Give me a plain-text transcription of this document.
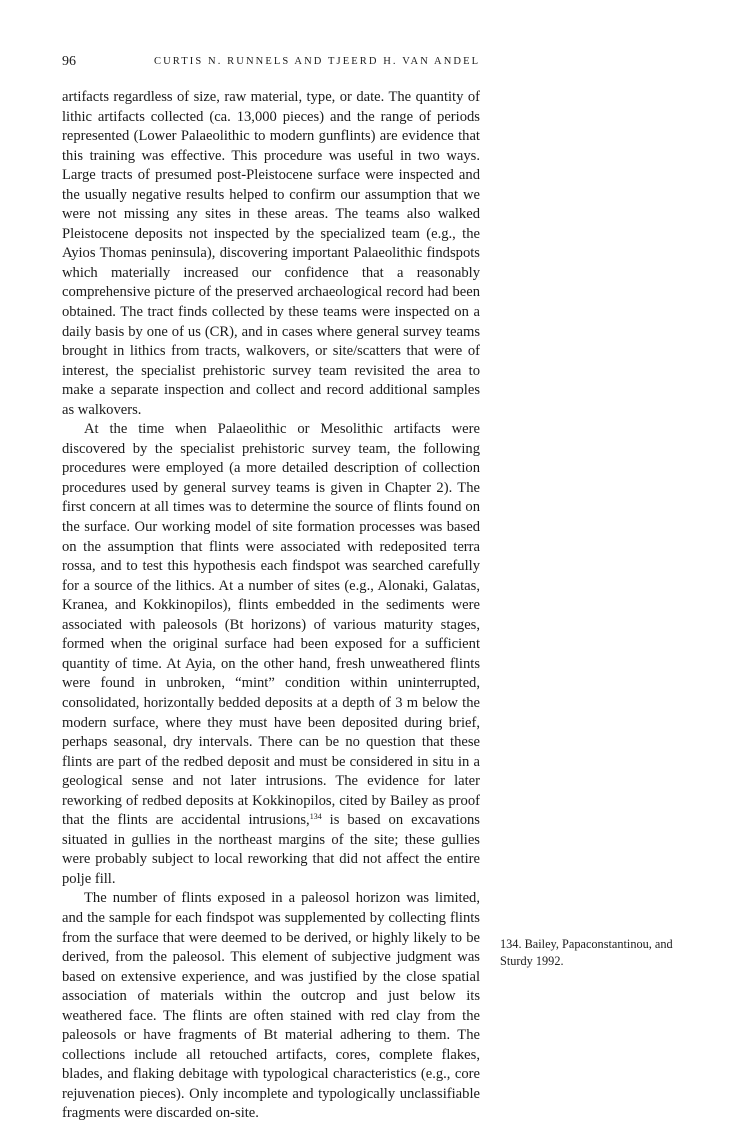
96	CURTIS N. RUNNELS AND TJEERD H. VAN ANDEL

artifacts regardless of size, raw material, type, or date. The quantity of lithic artifacts collected (ca. 13,000 pieces) and the range of periods represented (Lower Palaeolithic to modern gunflints) are evidence that this training was effective. This procedure was useful in two ways. Large tracts of presumed post-Pleistocene surface were inspected and the usually negative results helped to confirm our assumption that we were not missing any sites in these areas. The teams also walked Pleistocene deposits not inspected by the specialized team (e.g., the Ayios Thomas peninsula), discovering important Palaeolithic findspots which materially increased our confidence that a reasonably comprehensive picture of the preserved archaeological record had been obtained. The tract finds collected by these teams were inspected on a daily basis by one of us (CR), and in cases where general survey teams brought in lithics from tracts, walkovers, or site/scatters that were of interest, the specialist prehistoric survey team revisited the area to make a separate inspection and collect and record additional samples as walkovers.

At the time when Palaeolithic or Mesolithic artifacts were discovered by the specialist prehistoric survey team, the following procedures were employed (a more detailed description of collection procedures used by general survey teams is given in Chapter 2). The first concern at all times was to determine the source of flints found on the surface. Our working model of site formation processes was based on the assumption that flints were associated with redeposited terra rossa, and to test this hypothesis each findspot was searched carefully for a source of the lithics. At a number of sites (e.g., Alonaki, Galatas, Kranea, and Kokkinopilos), flints embedded in the sediments were associated with paleosols (Bt horizons) of various maturity stages, formed when the original surface had been exposed for a sufficient quantity of time. At Ayia, on the other hand, fresh unweathered flints were found in unbroken, “mint” condition within uninterrupted, consolidated, horizontally bedded deposits at a depth of 3 m below the modern surface, where they must have been deposited during brief, perhaps seasonal, dry intervals. There can be no question that these flints are part of the redbed deposit and must be considered in situ in a geological sense and not later intrusions. The evidence for later reworking of redbed deposits at Kokkinopilos, cited by Bailey as proof that the flints are accidental intrusions,$^{134}$ is based on excavations situated in gullies in the northeast margins of the site; these gullies were probably subject to local reworking that did not affect the entire polje fill.

The number of flints exposed in a paleosol horizon was limited, and the sample for each findspot was supplemented by collecting flints from the surface that were deemed to be derived, or highly likely to be derived, from the paleosol. This element of subjective judgment was based on extensive experience, and was justified by the close spatial association of materials within the outcrop and just below its weathered face. The flints are often stained with red clay from the paleosols or have fragments of Bt material adhering to them. The collections include all retouched artifacts, cores, complete flakes, blades, and flaking debitage with typological characteristics (e.g., core rejuvenation pieces). Only incomplete and typologically unclassifiable fragments were discarded on-site.

134. Bailey, Papaconstantinou, and Sturdy 1992.
